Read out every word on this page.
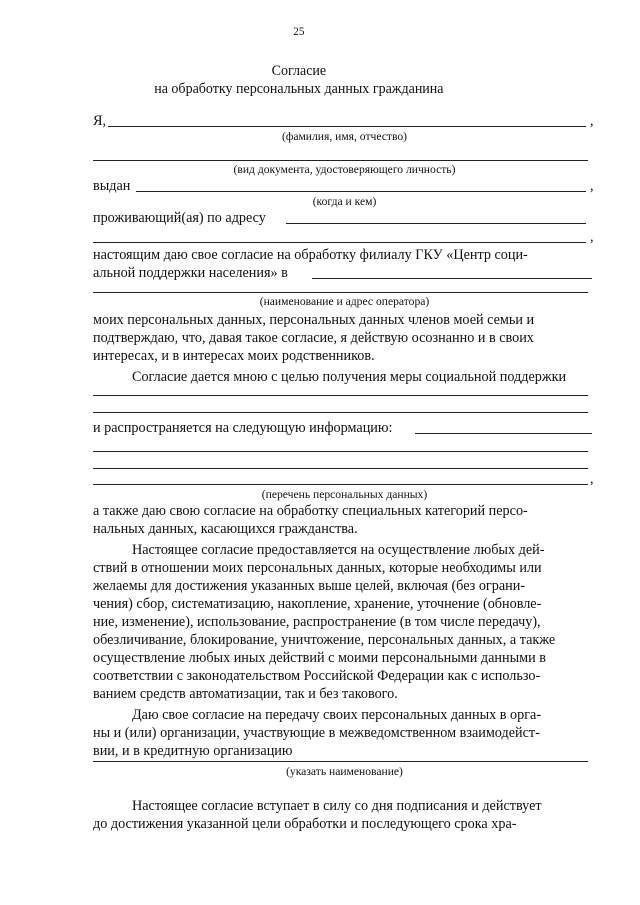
25
Согласие
на обработку персональных данных гражданина
Я,	,
(фамилия, имя, отчество)
(вид документа, удостоверяющего личность)
выдан	,
(когда и кем)
проживающий(ая) по адресу
,
настоящим даю свое согласие на обработку филиалу ГКУ «Центр соци-
альной поддержки населения» в
(наименование и адрес оператора)
моих персональных данных, персональных данных членов моей семьи и
подтверждаю, что, давая такое согласие, я действую осознанно и в своих
интересах, и в интересах моих родственников.
Согласие дается мною с целью получения меры социальной поддержки
и распространяется на следующую информацию:
,
(перечень персональных данных)
а также даю свою согласие на обработку специальных категорий персо-
нальных данных, касающихся гражданства.
Настоящее согласие предоставляется на осуществление любых дей-
ствий в отношении моих персональных данных, которые необходимы или
желаемы для достижения указанных выше целей, включая (без ограни-
чения) сбор, систематизацию, накопление, хранение, уточнение (обновле-
ние, изменение), использование, распространение (в том числе передачу),
обезличивание, блокирование, уничтожение, персональных данных, а также
осуществление любых иных действий с моими персональными данными в
соответствии с законодательством Российской Федерации как с использо-
ванием средств автоматизации, так и без такового.
Даю свое согласие на передачу своих персональных данных в орга-
ны и (или) организации, участвующие в межведомственном взаимодейст-
вии, и в кредитную организацию
(указать наименование)
Настоящее согласие вступает в силу со дня подписания и действует
до достижения указанной цели обработки и последующего срока хра-
